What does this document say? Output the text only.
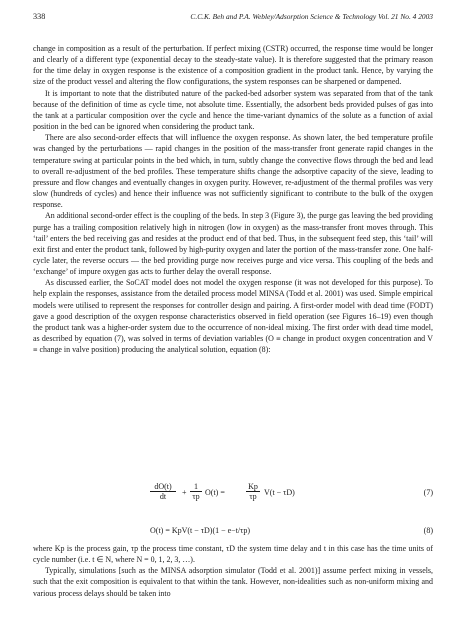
338	C.C.K. Beh and P.A. Webley/Adsorption Science & Technology Vol. 21 No. 4 2003

change in composition as a result of the perturbation. If perfect mixing (CSTR) occurred, the response time would be longer and clearly of a different type (exponential decay to the steady-state value). It is therefore suggested that the primary reason for the time delay in oxygen response is the existence of a composition gradient in the product tank. Hence, by varying the size of the product vessel and altering the flow configurations, the system responses can be sharpened or dampened.

It is important to note that the distributed nature of the packed-bed adsorber system was separated from that of the tank because of the definition of time as cycle time, not absolute time. Essentially, the adsorbent beds provided pulses of gas into the tank at a particular composition over the cycle and hence the time-variant dynamics of the solute as a function of axial position in the bed can be ignored when considering the product tank.

There are also second-order effects that will influence the oxygen response. As shown later, the bed temperature profile was changed by the perturbations — rapid changes in the position of the mass-transfer front generate rapid changes in the temperature swing at particular points in the bed which, in turn, subtly change the convective flows through the bed and lead to overall re-adjustment of the bed profiles. These temperature shifts change the adsorptive capacity of the sieve, leading to pressure and flow changes and eventually changes in oxygen purity. However, re-adjustment of the thermal profiles was very slow (hundreds of cycles) and hence their influence was not sufficiently significant to contribute to the bulk of the oxygen response.

An additional second-order effect is the coupling of the beds. In step 3 (Figure 3), the purge gas leaving the bed providing purge has a trailing composition relatively high in nitrogen (low in oxygen) as the mass-transfer front moves through. This ‘tail’ enters the bed receiving gas and resides at the product end of that bed. Thus, in the subsequent feed step, this ‘tail’ will exit first and enter the product tank, followed by high-purity oxygen and later the portion of the mass-transfer zone. One half-cycle later, the reverse occurs — the bed providing purge now receives purge and vice versa. This coupling of the beds and ‘exchange’ of impure oxygen gas acts to further delay the overall response.

As discussed earlier, the SoCAT model does not model the oxygen response (it was not developed for this purpose). To help explain the responses, assistance from the detailed process model MINSA (Todd et al. 2001) was used. Simple empirical models were utilised to represent the responses for controller design and pairing. A first-order model with dead time (FODT) gave a good description of the oxygen response characteristics observed in field operation (see Figures 16–19) even though the product tank was a higher-order system due to the occurrence of non-ideal mixing. The first order with dead time model, as described by equation (7), was solved in terms of deviation variables (O ≡ change in product oxygen concentration and V ≡ change in valve position) producing the analytical solution, equation (8):

$\frac{dO(t)}{dt} + \frac{1}{\tau p} O(t)$ =	$\frac{Kp}{\tau p} V(t - \tau D)$	(7)
O(t) = KpV(t − τD)(1 − e−t/τp)	(8)

where Kp is the process gain, τp the process time constant, τD the system time delay and t in this case has the time units of cycle number (i.e. t ∈ N, where N = 0, 1, 2, 3, …).

Typically, simulations [such as the MINSA adsorption simulator (Todd et al. 2001)] assume perfect mixing in vessels, such that the exit composition is equivalent to that within the tank. However, non-idealities such as non-uniform mixing and various process delays should be taken into
